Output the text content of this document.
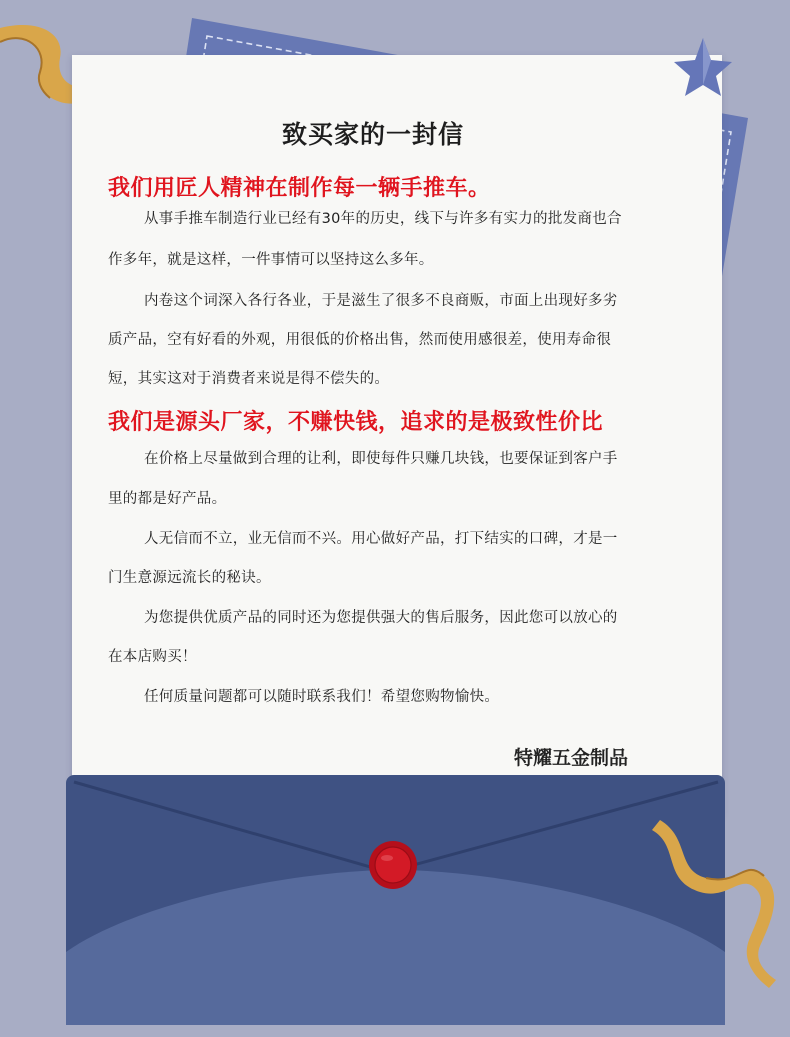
致买家的一封信
我们用匠人精神在制作每一辆手推车。
从事手推车制造行业已经有30年的历史，线下与许多有实力的批发商也合
作多年，就是这样，一件事情可以坚持这么多年。
内卷这个词深入各行各业，于是滋生了很多不良商贩，市面上出现好多劣
质产品，空有好看的外观，用很低的价格出售，然而使用感很差，使用寿命很
短，其实这对于消费者来说是得不偿失的。
我们是源头厂家，不赚快钱，追求的是极致性价比
在价格上尽量做到合理的让利，即使每件只赚几块钱，也要保证到客户手
里的都是好产品。
人无信而不立，业无信而不兴。用心做好产品，打下结实的口碑，才是一
门生意源远流长的秘诀。
为您提供优质产品的同时还为您提供强大的售后服务，因此您可以放心的
在本店购买！
任何质量问题都可以随时联系我们！希望您购物愉快。
特耀五金制品
